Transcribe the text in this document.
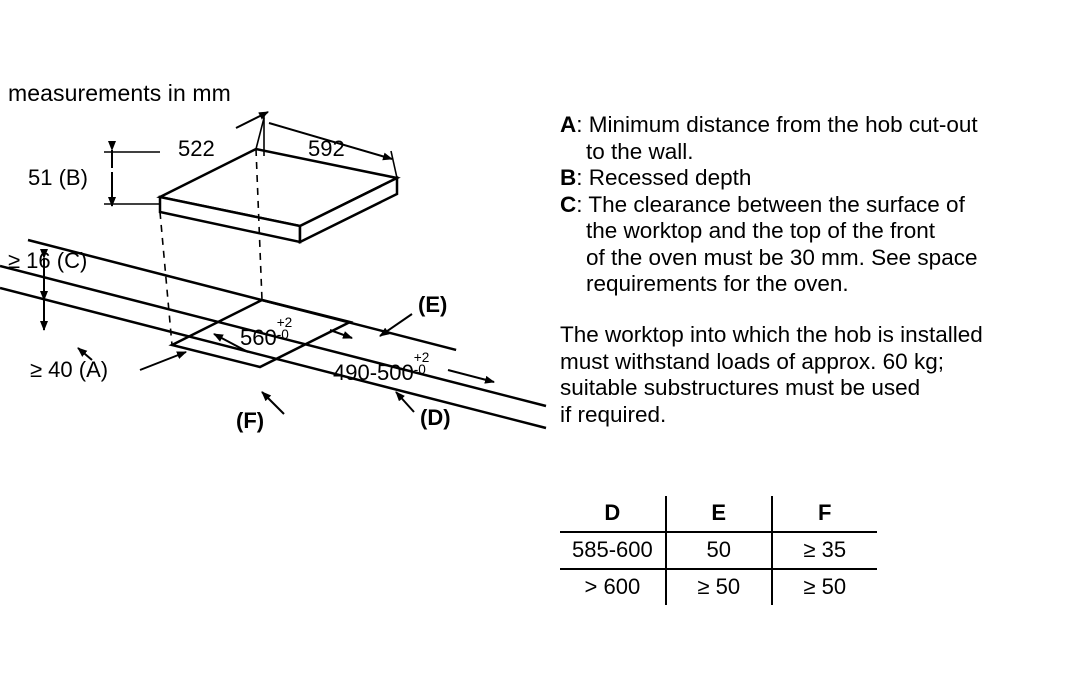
measurements in mm
522	592
51 (B)
≥ 16 (C)
≥ 40 (A)
560
+2
-0
490-500
+2
-0
(E)
(F)	(D)
A: Minimum distance from the hob cut-out
to the wall.
B: Recessed depth
C: The clearance between the surface of
the worktop and the top of the front
of the oven must be 30 mm. See space
requirements for the oven.
The worktop into which the hob is installed
must withstand loads of approx. 60 kg;
suitable substructures must be used
if required.
D	E	F
585-600	50	≥ 35
> 600	≥ 50	≥ 50
